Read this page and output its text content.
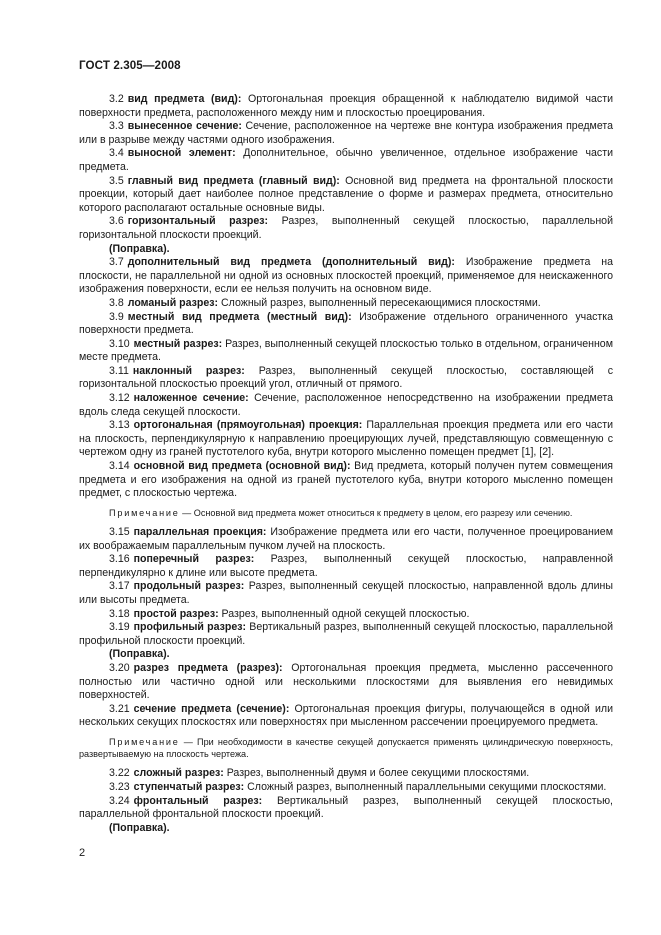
ГОСТ 2.305—2008

3.2 вид предмета (вид): Ортогональная проекция обращенной к наблюдателю видимой части поверхности предмета, расположенного между ним и плоскостью проецирования.

3.3 вынесенное сечение: Сечение, расположенное на чертеже вне контура изображения предмета или в разрыве между частями одного изображения.

3.4 выносной элемент: Дополнительное, обычно увеличенное, отдельное изображение части предмета.

3.5 главный вид предмета (главный вид): Основной вид предмета на фронтальной плоскости проекции, который дает наиболее полное представление о форме и размерах предмета, относительно которого располагают остальные основные виды.

3.6 горизонтальный разрез: Разрез, выполненный секущей плоскостью, параллельной горизонтальной плоскости проекций.

(Поправка).

3.7 дополнительный вид предмета (дополнительный вид): Изображение предмета на плоскости, не параллельной ни одной из основных плоскостей проекций, применяемое для неискаженного изображения поверхности, если ее нельзя получить на основном виде.

3.8 ломаный разрез: Сложный разрез, выполненный пересекающимися плоскостями.

3.9 местный вид предмета (местный вид): Изображение отдельного ограниченного участка поверхности предмета.

3.10 местный разрез: Разрез, выполненный секущей плоскостью только в отдельном, ограниченном месте предмета.

3.11 наклонный разрез: Разрез, выполненный секущей плоскостью, составляющей с горизонтальной плоскостью проекций угол, отличный от прямого.

3.12 наложенное сечение: Сечение, расположенное непосредственно на изображении предмета вдоль следа секущей плоскости.

3.13 ортогональная (прямоугольная) проекция: Параллельная проекция предмета или его части на плоскость, перпендикулярную к направлению проецирующих лучей, представляющую совмещенную с чертежом одну из граней пустотелого куба, внутри которого мысленно помещен предмет [1], [2].

3.14 основной вид предмета (основной вид): Вид предмета, который получен путем совмещения предмета и его изображения на одной из граней пустотелого куба, внутри которого мысленно помещен предмет, с плоскостью чертежа.

Примечание — Основной вид предмета может относиться к предмету в целом, его разрезу или сечению.

3.15 параллельная проекция: Изображение предмета или его части, полученное проецированием их воображаемым параллельным пучком лучей на плоскость.

3.16 поперечный разрез: Разрез, выполненный секущей плоскостью, направленной перпендикулярно к длине или высоте предмета.

3.17 продольный разрез: Разрез, выполненный секущей плоскостью, направленной вдоль длины или высоты предмета.

3.18 простой разрез: Разрез, выполненный одной секущей плоскостью.

3.19 профильный разрез: Вертикальный разрез, выполненный секущей плоскостью, параллельной профильной плоскости проекций.

(Поправка).

3.20 разрез предмета (разрез): Ортогональная проекция предмета, мысленно рассеченного полностью или частично одной или несколькими плоскостями для выявления его невидимых поверхностей.

3.21 сечение предмета (сечение): Ортогональная проекция фигуры, получающейся в одной или нескольких секущих плоскостях или поверхностях при мысленном рассечении проецируемого предмета.

Примечание — При необходимости в качестве секущей допускается применять цилиндрическую поверхность, развертываемую на плоскость чертежа.

3.22 сложный разрез: Разрез, выполненный двумя и более секущими плоскостями.

3.23 ступенчатый разрез: Сложный разрез, выполненный параллельными секущими плоскостями.

3.24 фронтальный разрез: Вертикальный разрез, выполненный секущей плоскостью, параллельной фронтальной плоскости проекций.

(Поправка).

2
